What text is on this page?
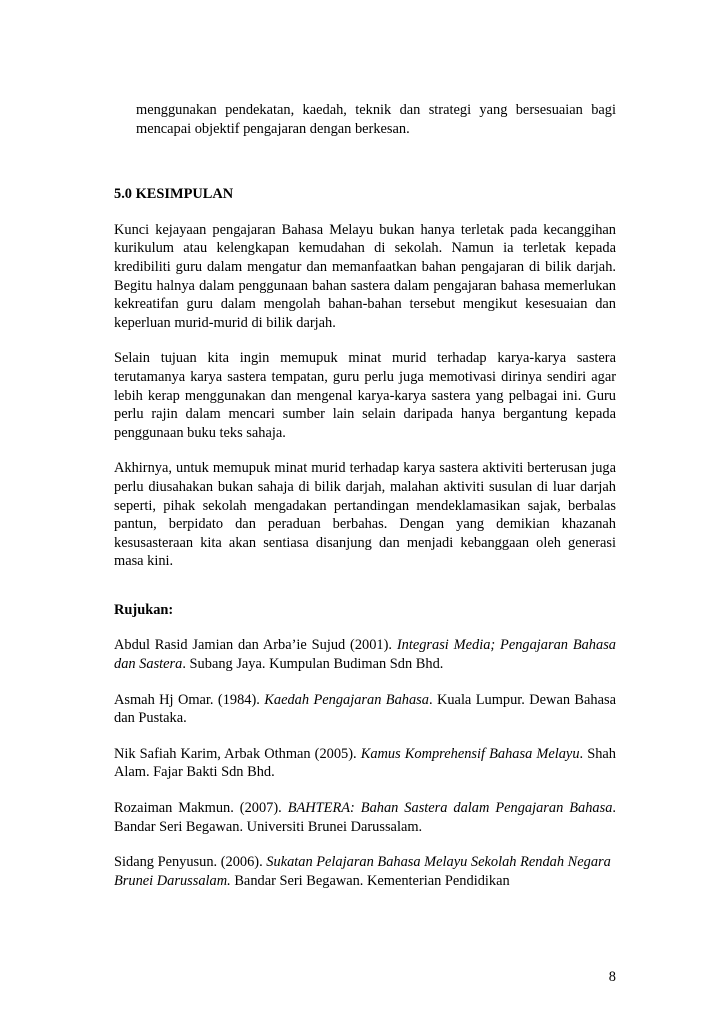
menggunakan pendekatan, kaedah, teknik dan strategi yang bersesuaian bagi mencapai objektif pengajaran dengan berkesan.

5.0 KESIMPULAN

Kunci kejayaan pengajaran Bahasa Melayu bukan hanya terletak pada kecanggihan kurikulum atau kelengkapan kemudahan di sekolah. Namun ia terletak kepada kredibiliti guru dalam mengatur dan memanfaatkan bahan pengajaran di bilik darjah. Begitu halnya dalam penggunaan bahan sastera dalam pengajaran bahasa memerlukan kekreatifan guru dalam mengolah bahan-bahan tersebut mengikut kesesuaian dan keperluan murid-murid di bilik darjah.

Selain tujuan kita ingin memupuk minat murid terhadap karya-karya sastera terutamanya karya sastera tempatan, guru perlu juga memotivasi dirinya sendiri agar lebih kerap menggunakan dan mengenal karya-karya sastera yang pelbagai ini. Guru perlu rajin dalam mencari sumber lain selain daripada hanya bergantung kepada penggunaan buku teks sahaja.

Akhirnya, untuk memupuk minat murid terhadap karya sastera aktiviti berterusan juga perlu diusahakan bukan sahaja di bilik darjah, malahan aktiviti susulan di luar darjah seperti, pihak sekolah mengadakan pertandingan mendeklamasikan sajak, berbalas pantun, berpidato dan peraduan berbahas. Dengan yang demikian khazanah kesusasteraan kita akan sentiasa disanjung dan menjadi kebanggaan oleh generasi masa kini.

Rujukan:

Abdul Rasid Jamian dan Arba’ie Sujud (2001). Integrasi Media; Pengajaran Bahasa dan Sastera. Subang Jaya. Kumpulan Budiman Sdn Bhd.

Asmah Hj Omar. (1984). Kaedah Pengajaran Bahasa. Kuala Lumpur. Dewan Bahasa dan Pustaka.

Nik Safiah Karim, Arbak Othman (2005). Kamus Komprehensif Bahasa Melayu. Shah Alam. Fajar Bakti Sdn Bhd.

Rozaiman Makmun. (2007). BAHTERA: Bahan Sastera dalam Pengajaran Bahasa. Bandar Seri Begawan. Universiti Brunei Darussalam.

Sidang Penyusun. (2006). Sukatan Pelajaran Bahasa Melayu Sekolah Rendah Negara Brunei Darussalam. Bandar Seri Begawan. Kementerian Pendidikan

8
